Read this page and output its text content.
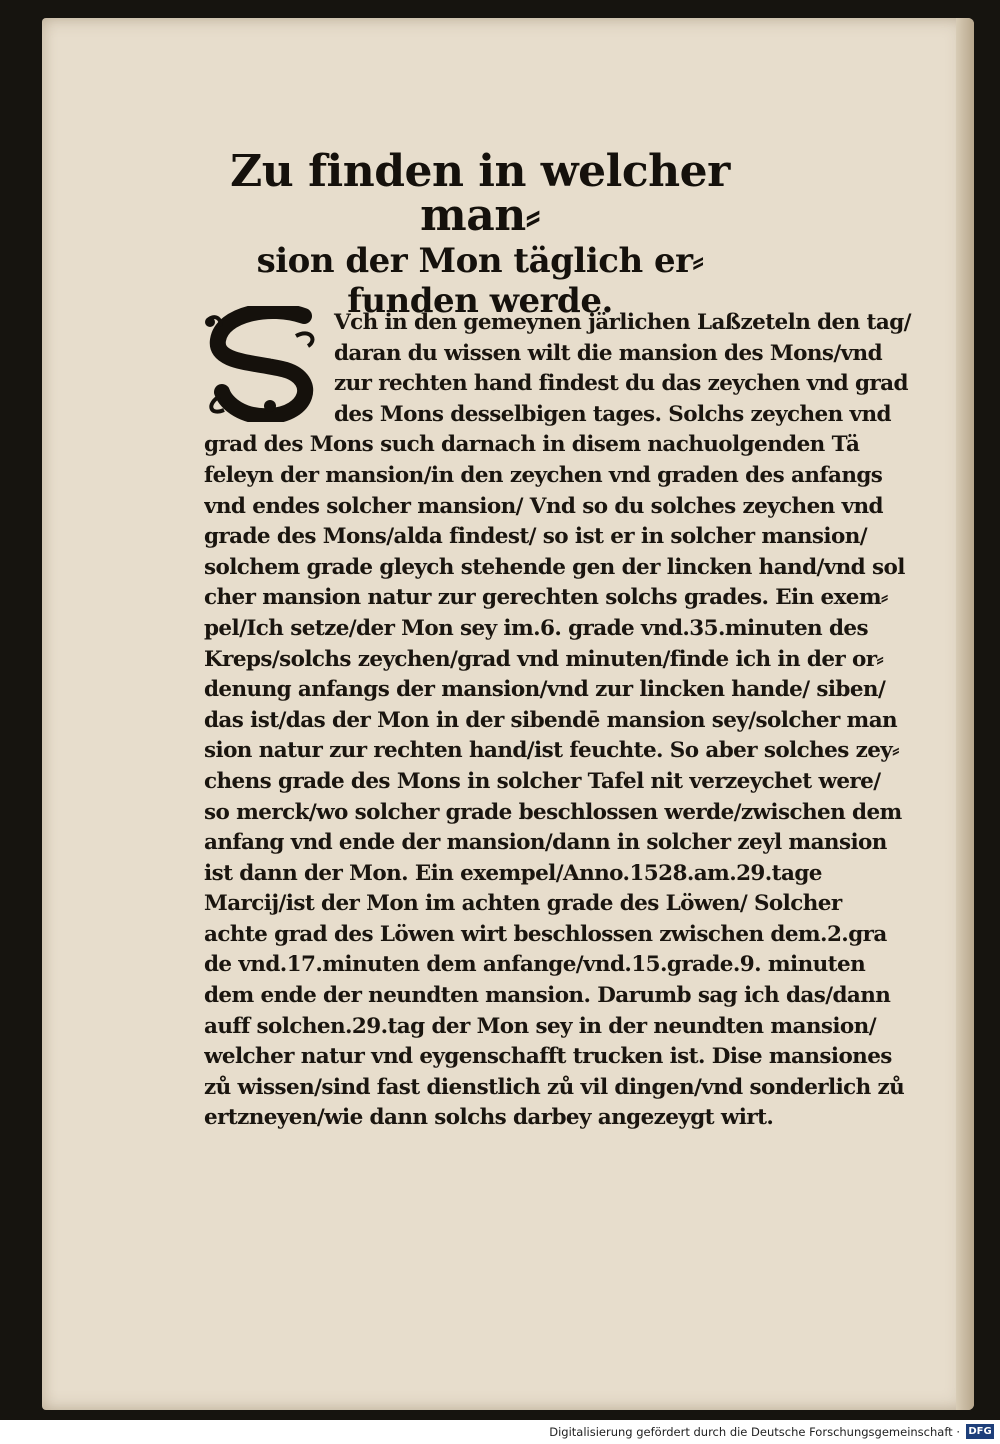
Zu finden in welcher man⸗
sion der Mon täglich er⸗
funden werde.
Vch in den gemeynen järlichen Laßzeteln den tag/
daran du wissen wilt die mansion des Mons/vnd
zur rechten hand findest du das zeychen vnd grad
des Mons desselbigen tages. Solchs zeychen vnd
grad des Mons such darnach in disem nachuolgenden Tä
feleyn der mansion/in den zeychen vnd graden des anfangs
vnd endes solcher mansion/ Vnd so du solches zeychen vnd
grade des Mons/alda findest/ so ist er in solcher mansion/
solchem grade gleych stehende gen der lincken hand/vnd sol
cher mansion natur zur gerechten solchs grades. Ein exem⸗
pel/Ich setze/der Mon sey im.6. grade vnd.35.minuten des
Kreps/solchs zeychen/grad vnd minuten/finde ich in der or⸗
denung anfangs der mansion/vnd zur lincken hande/ siben/
das ist/das der Mon in der sibendē mansion sey/solcher man
sion natur zur rechten hand/ist feuchte. So aber solches zey⸗
chens grade des Mons in solcher Tafel nit verzeychet were/
so merck/wo solcher grade beschlossen werde/zwischen dem
anfang vnd ende der mansion/dann in solcher zeyl mansion
ist dann der Mon. Ein exempel/Anno.1528.am.29.tage
Marcij/ist der Mon im achten grade des Löwen/ Solcher
achte grad des Löwen wirt beschlossen zwischen dem.2.gra
de vnd.17.minuten dem anfange/vnd.15.grade.9. minuten
dem ende der neundten mansion. Darumb sag ich das/dann
auff solchen.29.tag der Mon sey in der neundten mansion/
welcher natur vnd eygenschafft trucken ist. Dise mansiones
zů wissen/sind fast dienstlich zů vil dingen/vnd sonderlich zů
ertzneyen/wie dann solchs darbey angezeygt wirt.
Digitalisierung gefördert durch die Deutsche Forschungsgemeinschaft · DFG
